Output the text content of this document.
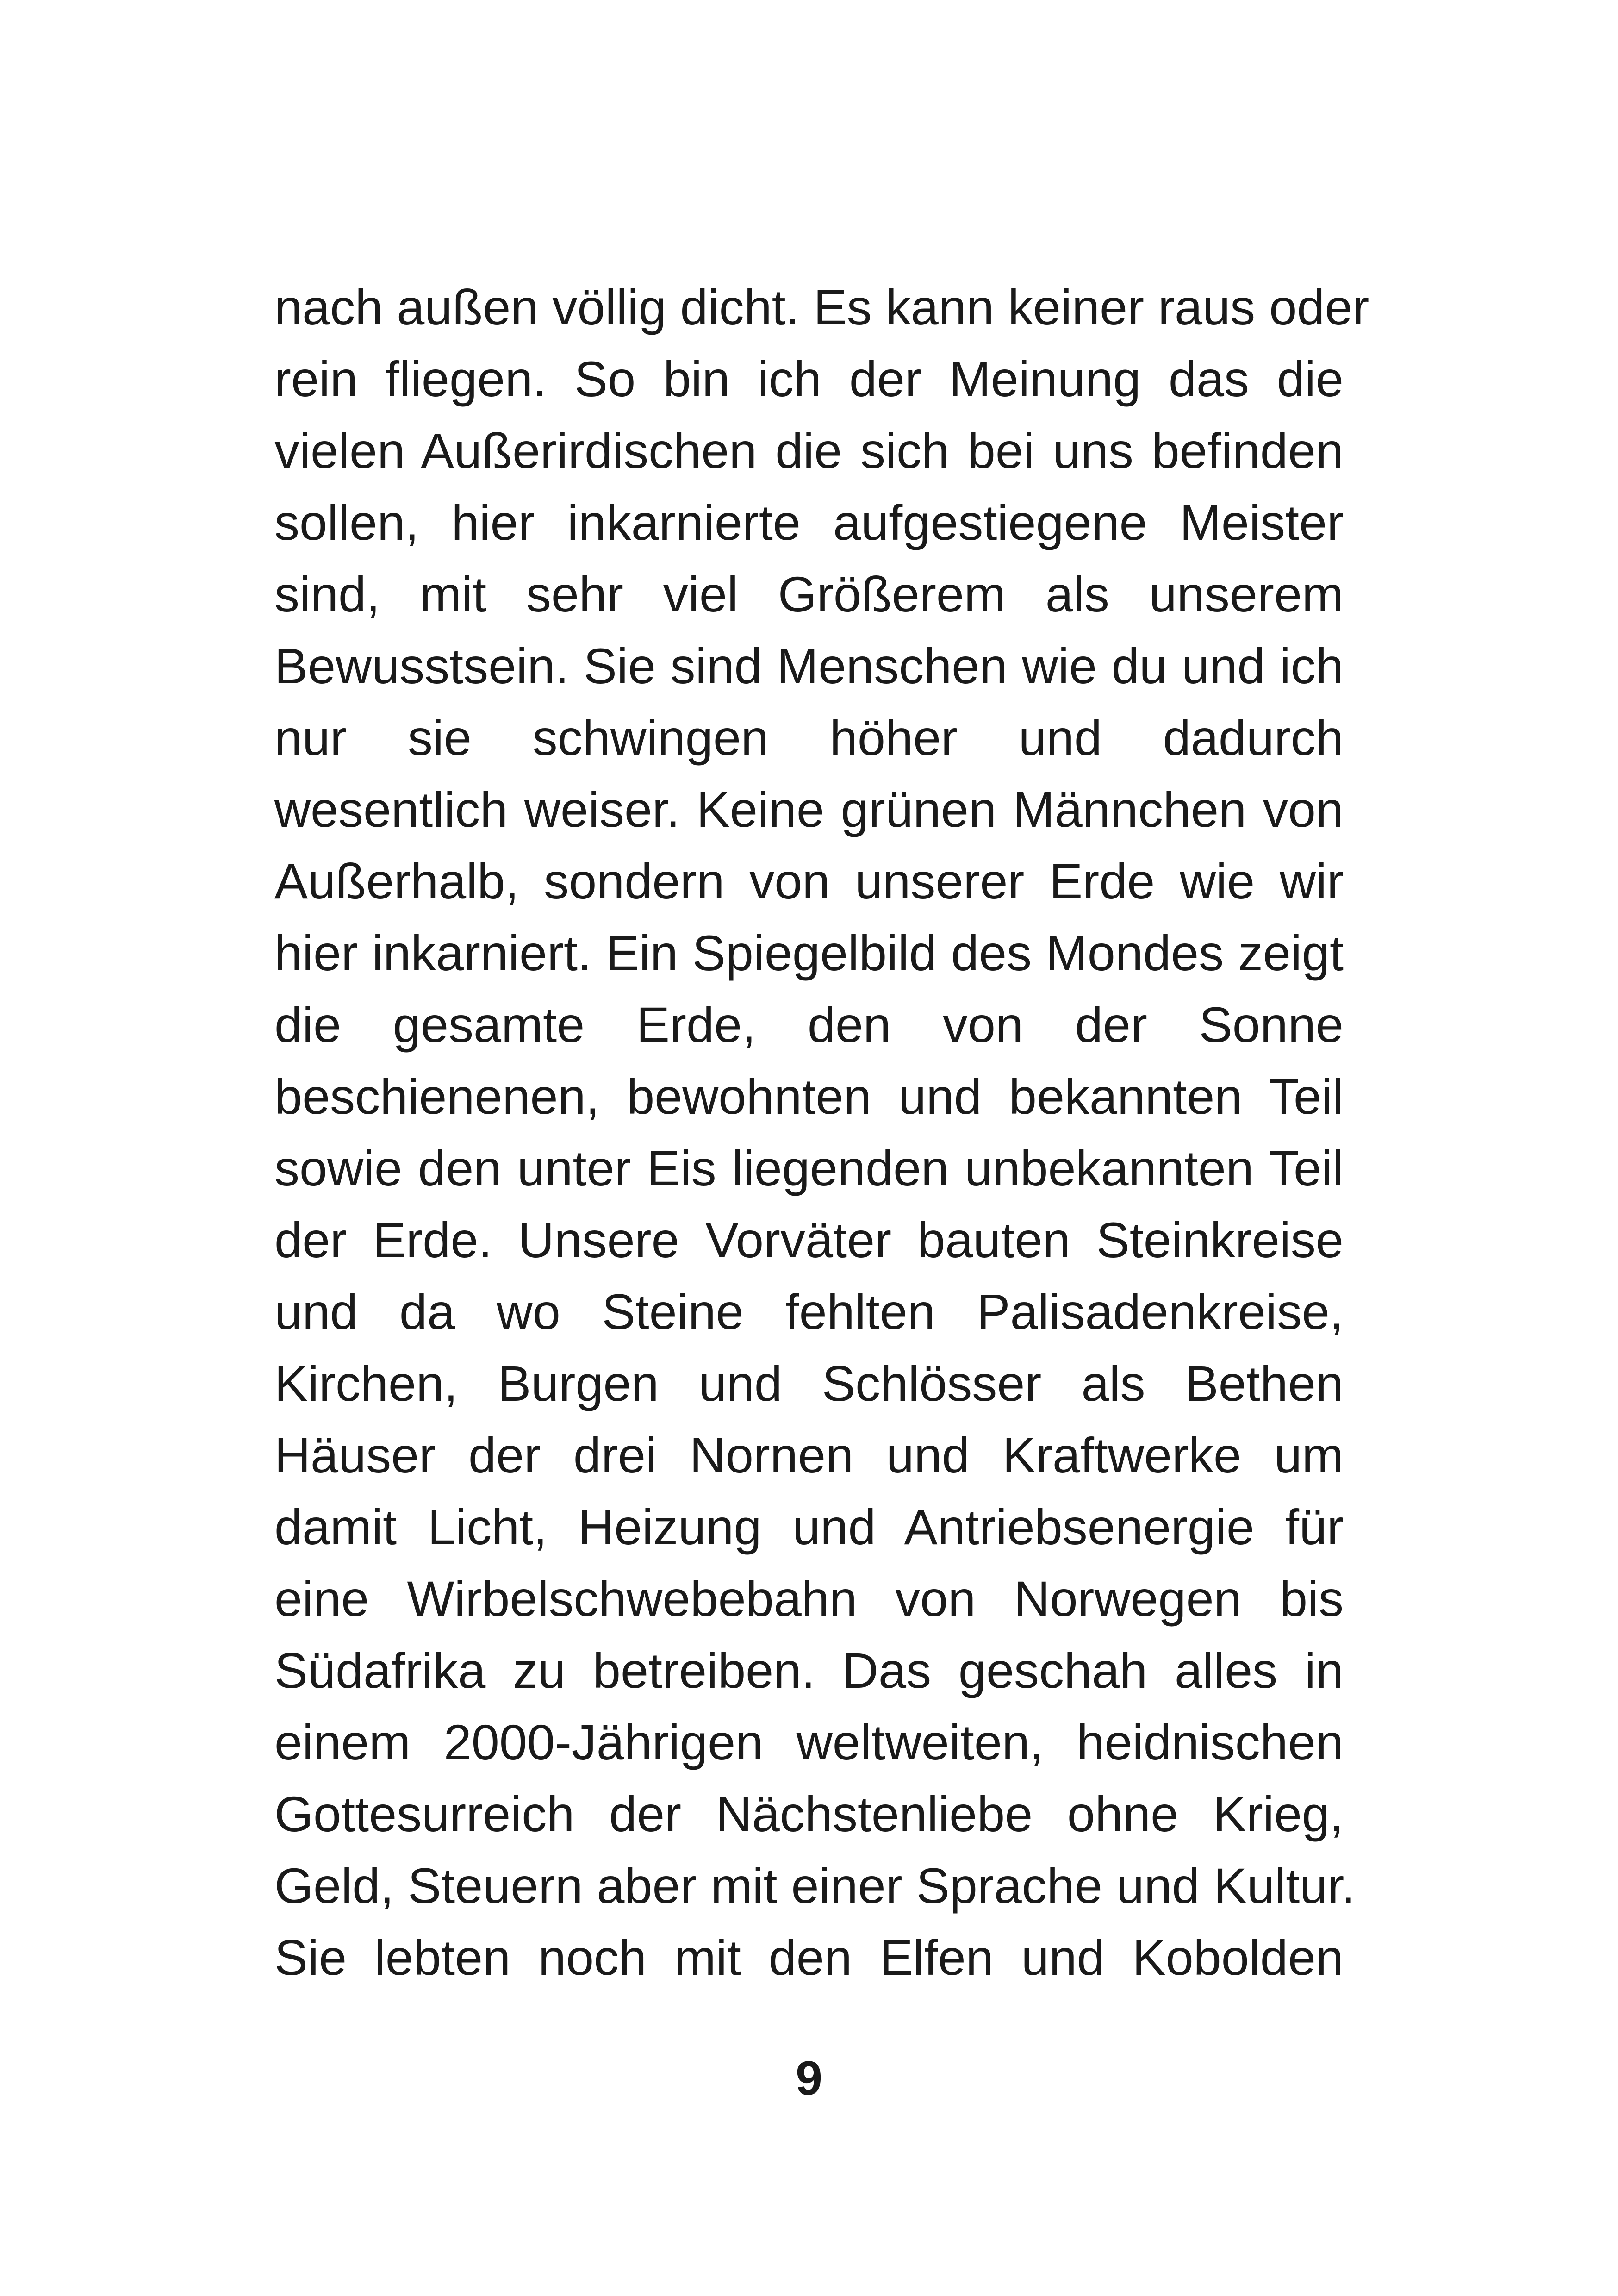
nach außen völlig dicht. Es kann keiner raus oder
rein fliegen. So bin ich der Meinung das die
vielen Außerirdischen die sich bei uns befinden
sollen, hier inkarnierte aufgestiegene Meister
sind, mit sehr viel Größerem als unserem
Bewusstsein. Sie sind Menschen wie du und ich
nur sie schwingen höher und dadurch
wesentlich weiser. Keine grünen Männchen von
Außerhalb, sondern von unserer Erde wie wir
hier inkarniert. Ein Spiegelbild des Mondes zeigt
die gesamte Erde, den von der Sonne
beschienenen, bewohnten und bekannten Teil
sowie den unter Eis liegenden unbekannten Teil
der Erde. Unsere Vorväter bauten Steinkreise
und da wo Steine fehlten Palisadenkreise,
Kirchen, Burgen und Schlösser als Bethen
Häuser der drei Nornen und Kraftwerke um
damit Licht, Heizung und Antriebsenergie für
eine Wirbelschwebebahn von Norwegen bis
Südafrika zu betreiben. Das geschah alles in
einem 2000-Jährigen weltweiten, heidnischen
Gottesurreich der Nächstenliebe ohne Krieg,
Geld, Steuern aber mit einer Sprache und Kultur.
Sie lebten noch mit den Elfen und Kobolden
9
